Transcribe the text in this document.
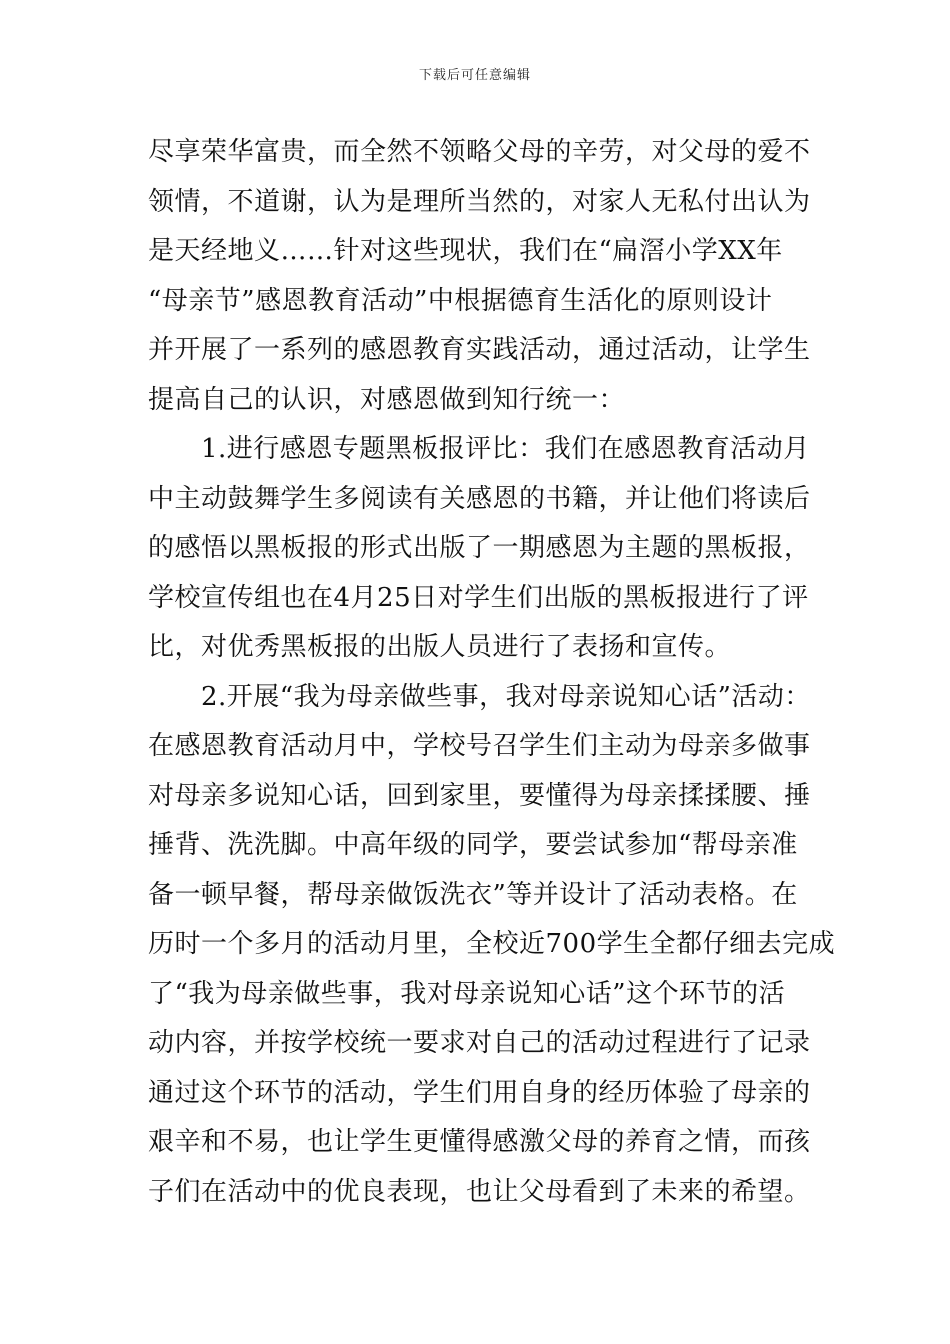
下载后可任意编辑
尽享荣华富贵，而全然不领略父母的辛劳，对父母的爱不
领情，不道谢，认为是理所当然的，对家人无私付出认为
是天经地义……针对这些现状，我们在“扁滘小学XX年
“母亲节”感恩教育活动”中根据德育生活化的原则设计
并开展了一系列的感恩教育实践活动，通过活动，让学生
提高自己的认识，对感恩做到知行统一：
　　1.进行感恩专题黑板报评比：我们在感恩教育活动月
中主动鼓舞学生多阅读有关感恩的书籍，并让他们将读后
的感悟以黑板报的形式出版了一期感恩为主题的黑板报，
学校宣传组也在4月25日对学生们出版的黑板报进行了评
比，对优秀黑板报的出版人员进行了表扬和宣传。
　　2.开展“我为母亲做些事，我对母亲说知心话”活动：
在感恩教育活动月中，学校号召学生们主动为母亲多做事
对母亲多说知心话，回到家里，要懂得为母亲揉揉腰、捶
捶背、洗洗脚。中高年级的同学，要尝试参加“帮母亲准
备一顿早餐，帮母亲做饭洗衣”等并设计了活动表格。在
历时一个多月的活动月里，全校近700学生全都仔细去完成
了“我为母亲做些事，我对母亲说知心话”这个环节的活
动内容，并按学校统一要求对自己的活动过程进行了记录
通过这个环节的活动，学生们用自身的经历体验了母亲的
艰辛和不易，也让学生更懂得感激父母的养育之情，而孩
子们在活动中的优良表现，也让父母看到了未来的希望。
